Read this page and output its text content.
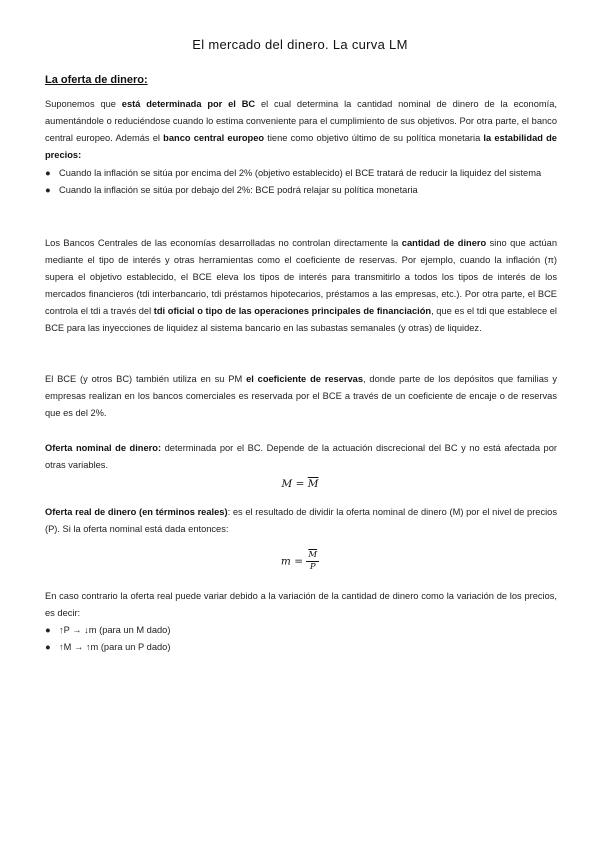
El mercado del dinero. La curva LM
La oferta de dinero:
Suponemos que está determinada por el BC el cual determina la cantidad nominal de dinero de la economía, aumentándole o reduciéndose cuando lo estima conveniente para el cumplimiento de sus objetivos. Por otra parte, el banco central europeo. Además el banco central europeo tiene como objetivo último de su política monetaria la estabilidad de precios:
● Cuando la inflación se sitúa por encima del 2% (objetivo establecido) el BCE tratará de reducir la liquidez del sistema
● Cuando la inflación se sitúa por debajo del 2%: BCE podrá relajar su política monetaria
Los Bancos Centrales de las economías desarrolladas no controlan directamente la cantidad de dinero sino que actúan mediante el tipo de interés y otras herramientas como el coeficiente de reservas. Por ejemplo, cuando la inflación (π) supera el objetivo establecido, el BCE eleva los tipos de interés para transmitirlo a todos los tipos de interés de los mercados financieros (tdi interbancario, tdi préstamos hipotecarios, préstamos a las empresas, etc.). Por otra parte, el BCE controla el tdi a través del tdi oficial o tipo de las operaciones principales de financiación, que es el tdi que establece el BCE para las inyecciones de liquidez al sistema bancario en las subastas semanales (y otras) de liquidez.
El BCE (y otros BC) también utiliza en su PM el coeficiente de reservas, donde parte de los depósitos que familias y empresas realizan en los bancos comerciales es reservada por el BCE a través de un coeficiente de encaje o de reservas que es del 2%.
Oferta nominal de dinero: determinada por el BC. Depende de la actuación discrecional del BC y no está afectada por otras variables.
$M = \overline{M}$
Oferta real de dinero (en términos reales): es el resultado de dividir la oferta nominal de dinero (M) por el nivel de precios (P). Si la oferta nominal está dada entonces:
$m = \frac{\overline{M}}{P}$
En caso contrario la oferta real puede variar debido a la variación de la cantidad de dinero como la variación de los precios, es decir:
● ↑P → ↓m (para un M dado)
● ↑M → ↑m (para un P dado)
